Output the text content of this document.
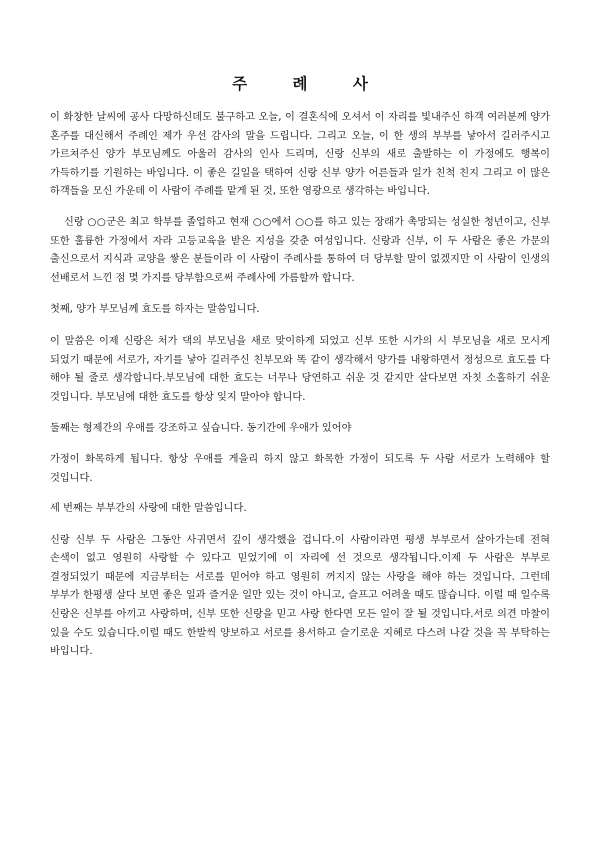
주 례 사

이 화창한 날씨에 공사 다망하신데도 불구하고 오늘, 이 결혼식에 오셔서 이 자리를 빛내주신 하객 여러분께 양가 혼주를 대신해서 주례인 제가 우선 감사의 말을 드립니다. 그리고 오늘, 이 한 생의 부부를 낳아서 길러주시고 가르쳐주신 양가 부모님께도 아울러 감사의 인사 드리며, 신랑 신부의 새로 출발하는 이 가정에도 행복이 가득하기를 기원하는 바입니다. 이 좋은 길일을 택하여 신랑 신부 양가 어른들과 일가 친척 친지 그리고 이 많은 하객들을 모신 가운데 이 사람이 주례를 맡게 된 것, 또한 영광으로 생각하는 바입니다.

신랑 ○○군은 최고 학부를 졸업하고 현재 ○○에서 ○○를 하고 있는 장래가 촉망되는 성실한 청년이고, 신부 또한 훌륭한 가정에서 자라 고등교육을 받은 지성을 갖춘 여성입니다. 신랑과 신부, 이 두 사람은 좋은 가문의 출신으로서 지식과 교양을 쌓은 분들이라 이 사람이 주례사를 통하여 더 당부할 말이 없겠지만 이 사람이 인생의 선배로서 느낀 점 몇 가지를 당부함으로써 주례사에 가름할까 합니다.

첫째, 양가 부모님께 효도를 하자는 말씀입니다.

이 말씀은 이제 신랑은 처가 댁의 부모님을 새로 맞이하게 되었고 신부 또한 시가의 시 부모님을 새로 모시게 되었기 때문에 서로가, 자기를 낳아 길러주신 친부모와 똑 같이 생각해서 양가를 내왕하면서 정성으로 효도를 다 해야 될 줄로 생각합니다.부모님에 대한 효도는 너무나 당연하고 쉬운 것 같지만 살다보면 자칫 소홀하기 쉬운 것입니다. 부모님에 대한 효도를 항상 잊지 말아야 합니다.

둘째는 형제간의 우애를 강조하고 싶습니다. 동기간에 우애가 있어야

가정이 화목하게 됩니다. 항상 우애를 게을리 하지 않고 화목한 가정이 되도록 두 사람 서로가 노력해야 할 것입니다.

세 번째는 부부간의 사랑에 대한 말씀입니다.

신랑 신부 두 사람은 그동안 사귀면서 깊이 생각했을 겁니다.이 사람이라면 평생 부부로서 살아가는데 전혀 손색이 없고 영원히 사랑할 수 있다고 믿었기에 이 자리에 선 것으로 생각됩니다.이제 두 사람은 부부로 결정되었기 때문에 지금부터는 서로를 믿어야 하고 영원히 꺼지지 않는 사랑을 해야 하는 것입니다. 그런데 부부가 한평생 살다 보면 좋은 일과 즐거운 일만 있는 것이 아니고, 슬프고 어려울 때도 많습니다. 이럴 때 일수록 신랑은 신부를 아끼고 사랑하며, 신부 또한 신랑을 믿고 사랑 한다면 모든 일이 잘 될 것입니다.서로 의견 마찰이 있을 수도 있습니다.이럴 때도 한발씩 양보하고 서로를 용서하고 슬기로운 지혜로 다스려 나갈 것을 꼭 부탁하는 바입니다.
